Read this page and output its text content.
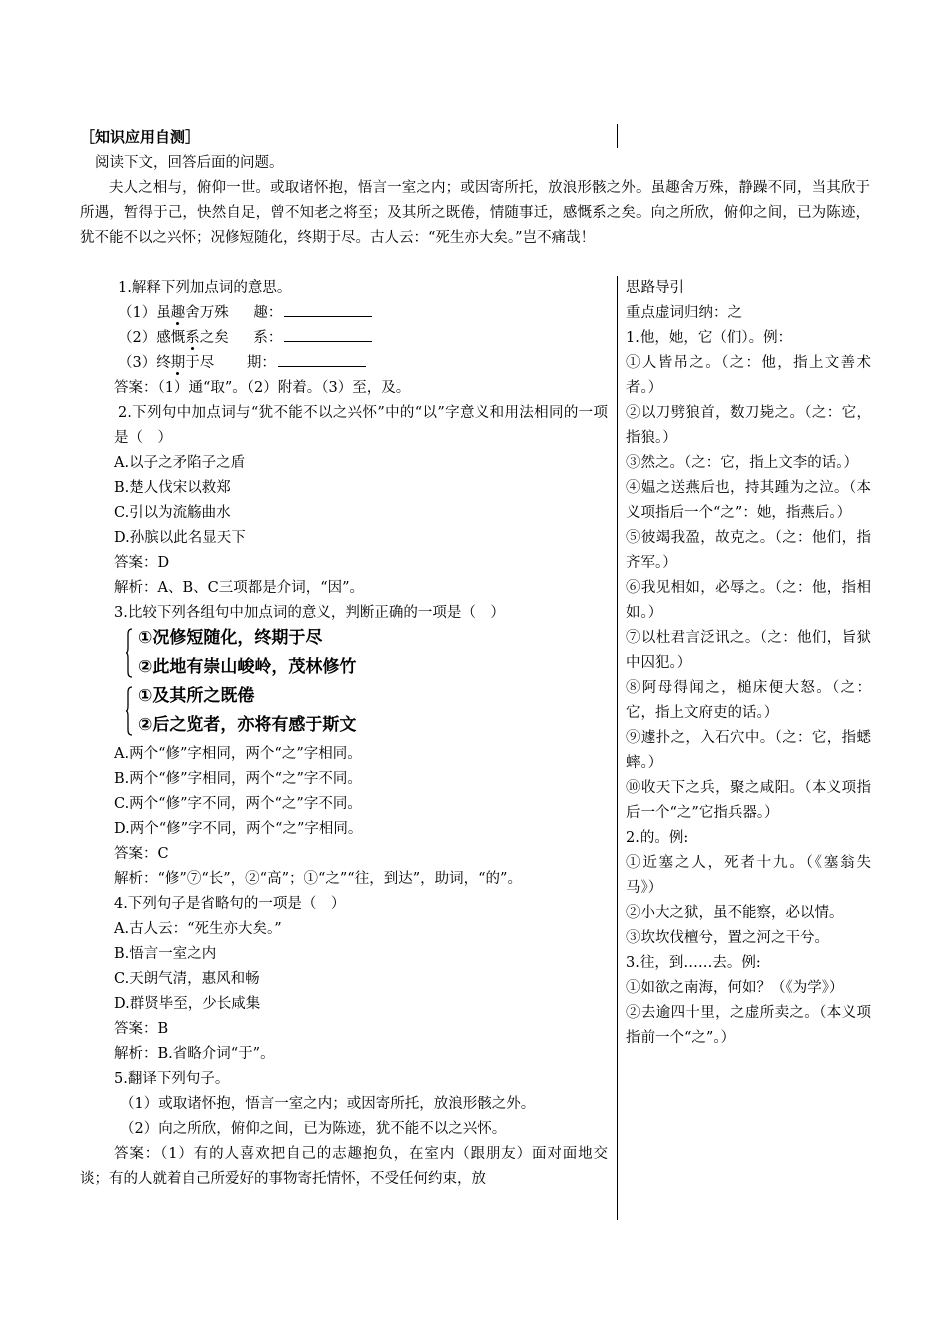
［知识应用自测］
阅读下文，回答后面的问题。
夫人之相与，俯仰一世。或取诸怀抱，悟言一室之内；或因寄所托，放浪形骸之外。虽趣舍万殊，静躁不同，当其欣于所遇，暂得于己，快然自足，曾不知老之将至；及其所之既倦，情随事迁，感慨系之矣。向之所欣，俯仰之间，已为陈迹，犹不能不以之兴怀；况修短随化，终期于尽。古人云：“死生亦大矣。”岂不痛哉！
1.解释下列加点词的意思。
（1）虽趣舍万殊 趣：
（2）感慨系之矣 系：
（3）终期于尽 期：
答案：（1）通“取”。（2）附着。（3）至，及。
2.下列句中加点词与“犹不能不以之兴怀”中的“以”字意义和用法相同的一项是（　）
A.以子之矛陷子之盾
B.楚人伐宋以救郑
C.引以为流觞曲水
D.孙膑以此名显天下
答案：D
解析：A、B、C三项都是介词，“因”。
3.比较下列各组句中加点词的意义，判断正确的一项是（　）
①况修短随化，终期于尽
②此地有崇山峻岭，茂林修竹
①及其所之既倦
②后之览者，亦将有感于斯文
A.两个“修”字相同，两个“之”字相同。
B.两个“修”字相同，两个“之”字不同。
C.两个“修”字不同，两个“之”字不同。
D.两个“修”字不同，两个“之”字相同。
答案：C
解析：“修”⑦“长”，②“高”；①“之”“往，到达”，助词，“的”。
4.下列句子是省略句的一项是（　）
A.古人云：“死生亦大矣。”
B.悟言一室之内
C.天朗气清，惠风和畅
D.群贤毕至，少长咸集
答案：B
解析：B.省略介词“于”。
5.翻译下列句子。
（1）或取诸怀抱，悟言一室之内；或因寄所托，放浪形骸之外。
（2）向之所欣，俯仰之间，已为陈迹，犹不能不以之兴怀。
答案：（1）有的人喜欢把自己的志趣抱负，在室内（跟朋友）面对面地交谈；有的人就着自己所爱好的事物寄托情怀，不受任何约束，放
思路导引
重点虚词归纳：之
1.他，她，它（们）。例：
①人皆吊之。（之：他，指上文善术者。）
②以刀劈狼首，数刀毙之。（之：它，指狼。）
③然之。（之：它，指上文李的话。）
④媪之送燕后也，持其踵为之泣。（本义项指后一个“之”：她，指燕后。）
⑤彼竭我盈，故克之。（之：他们，指齐军。）
⑥我见相如，必辱之。（之：他，指相如。）
⑦以杜君言泛讯之。（之：他们，旨狱中囚犯。）
⑧阿母得闻之，槌床便大怒。（之：它，指上文府吏的话。）
⑨遽扑之，入石穴中。（之：它，指蟋蟀。）
⑩收天下之兵，聚之咸阳。（本义项指后一个“之”它指兵器。）
2.的。例:
①近塞之人，死者十九。（《塞翁失马》）
②小大之狱，虽不能察，必以情。
③坎坎伐檀兮，置之河之干兮。
3.往，到……去。例:
①如欲之南海，何如？（《为学》）
②去逾四十里，之虚所卖之。（本义项指前一个“之”。）
